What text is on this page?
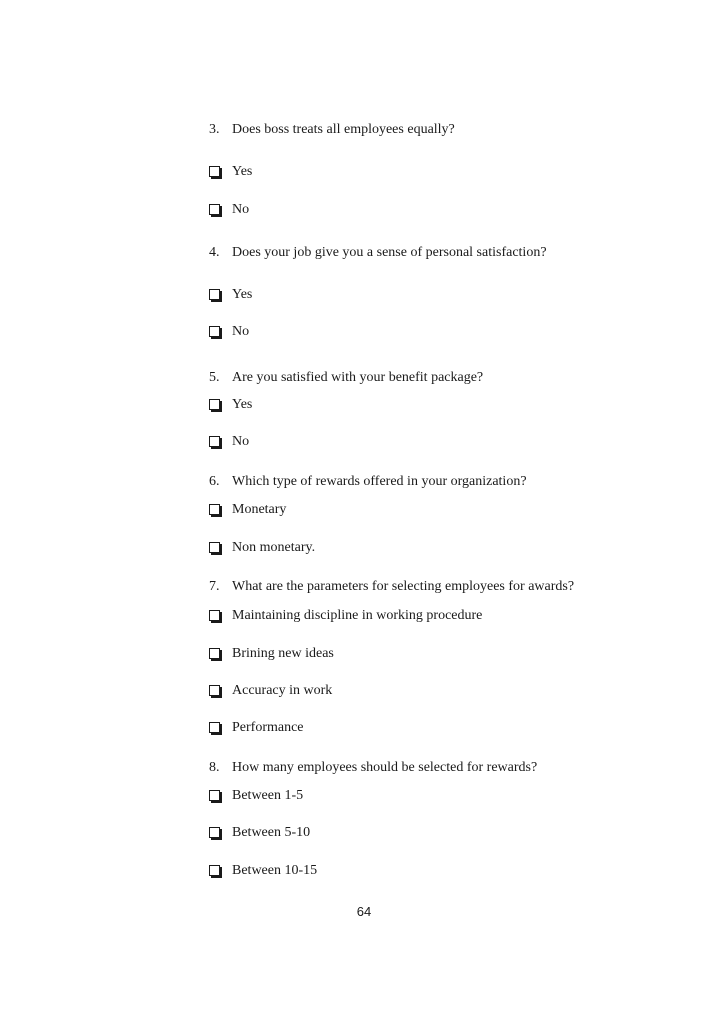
3. Does boss treats all employees equally?
Yes
No
4. Does your job give you a sense of personal satisfaction?
Yes
No
5. Are you satisfied with your benefit package?
Yes
No
6. Which type of rewards offered in your organization?
Monetary
Non monetary.
7. What are the parameters for selecting employees for awards?
Maintaining discipline in working procedure
Brining new ideas
Accuracy in work
Performance
8. How many employees should be selected for rewards?
Between 1-5
Between 5-10
Between 10-15
64
